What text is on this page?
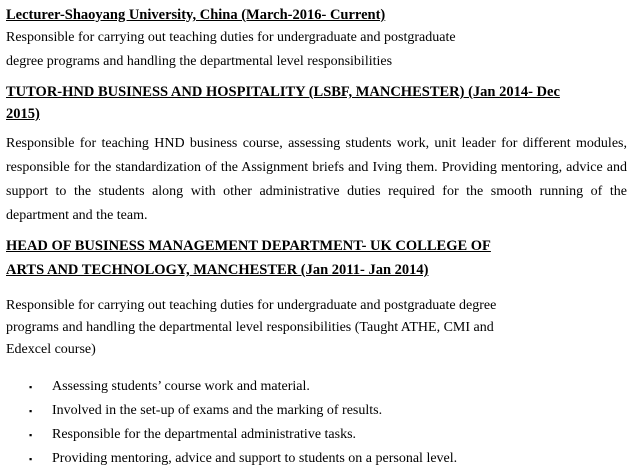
Lecturer-Shaoyang University, China (March-2016- Current)

Responsible for carrying out teaching duties for undergraduate and postgraduate

degree programs and handling the departmental level responsibilities

TUTOR-HND BUSINESS AND HOSPITALITY (LSBF, MANCHESTER) (Jan 2014- Dec

2015)

Responsible for teaching HND business course, assessing students work, unit leader for different modules, responsible for the standardization of the Assignment briefs and Iving them. Providing mentoring, advice and support to the students along with other administrative duties required for the smooth running of the department and the team.

HEAD OF BUSINESS MANAGEMENT DEPARTMENT- UK COLLEGE OF

ARTS AND TECHNOLOGY, MANCHESTER (Jan 2011- Jan 2014)

Responsible for carrying out teaching duties for undergraduate and postgraduate degree

programs and handling the departmental level responsibilities (Taught ATHE, CMI and

Edexcel course)

▪ Assessing students’ course work and material.
▪ Involved in the set-up of exams and the marking of results.
▪ Responsible for the departmental administrative tasks.
▪ Providing mentoring, advice and support to students on a personal level.
